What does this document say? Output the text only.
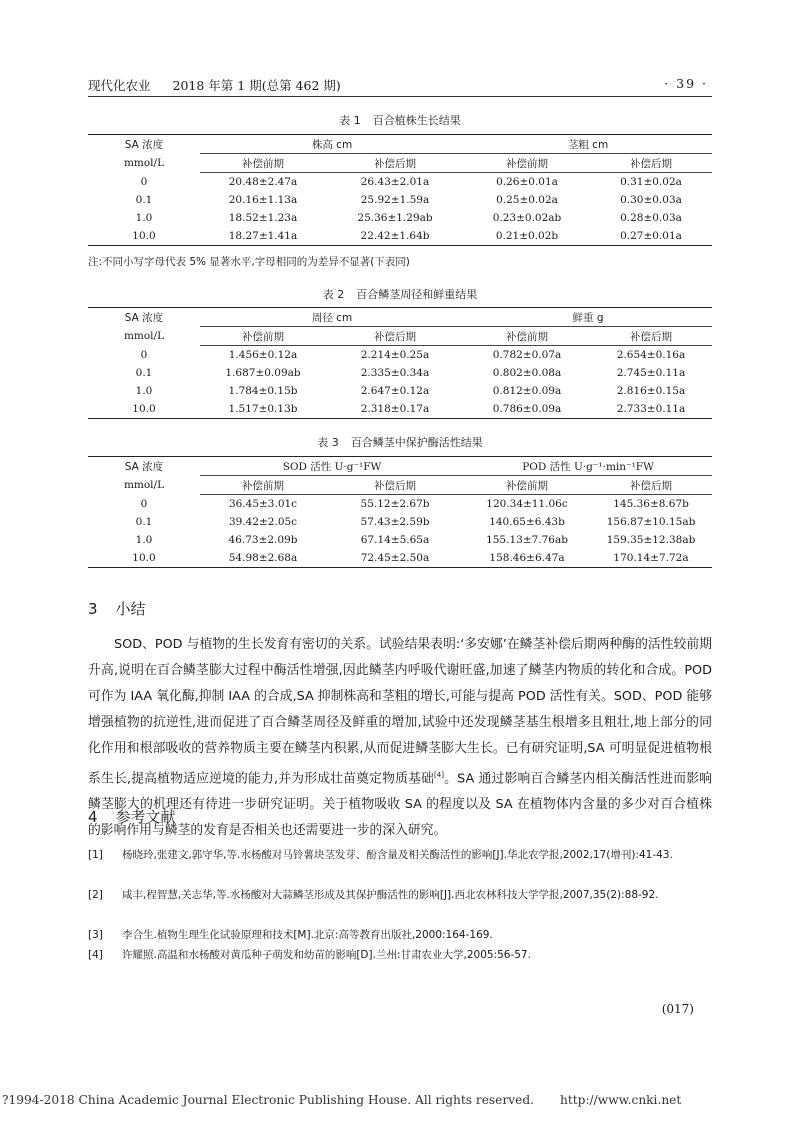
现代化农业 2018 年第 1 期(总第 462 期)	· 39 ·
表 1 百合植株生长结果
SA 浓度	株高 cm		茎粗 cm	
mmol/L	补偿前期	补偿后期	补偿前期	补偿后期
0	20.48±2.47a	26.43±2.01a	0.26±0.01a	0.31±0.02a
0.1	20.16±1.13a	25.92±1.59a	0.25±0.02a	0.30±0.03a
1.0	18.52±1.23a	25.36±1.29ab	0.23±0.02ab	0.28±0.03a
10.0	18.27±1.41a	22.42±1.64b	0.21±0.02b	0.27±0.01a
注:不同小写字母代表 5% 显著水平,字母相同的为差异不显著(下表同)
表 2 百合鳞茎周径和鲜重结果
SA 浓度	周径 cm		鲜重 g	
mmol/L	补偿前期	补偿后期	补偿前期	补偿后期
0	1.456±0.12a	2.214±0.25a	0.782±0.07a	2.654±0.16a
0.1	1.687±0.09ab	2.335±0.34a	0.802±0.08a	2.745±0.11a
1.0	1.784±0.15b	2.647±0.12a	0.812±0.09a	2.816±0.15a
10.0	1.517±0.13b	2.318±0.17a	0.786±0.09a	2.733±0.11a
表 3 百合鳞茎中保护酶活性结果
SA 浓度	SOD 活性 U·g⁻¹FW		POD 活性 U·g⁻¹·min⁻¹FW	
mmol/L	补偿前期	补偿后期	补偿前期	补偿后期
0	36.45±3.01c	55.12±2.67b	120.34±11.06c	145.36±8.67b
0.1	39.42±2.05c	57.43±2.59b	140.65±6.43b	156.87±10.15ab
1.0	46.73±2.09b	67.14±5.65a	155.13±7.76ab	159.35±12.38ab
10.0	54.98±2.68a	72.45±2.50a	158.46±6.47a	170.14±7.72a
3 小结

SOD、POD 与植物的生长发育有密切的关系。试验结果表明:‘多安娜’在鳞茎补偿后期两种酶的活性较前期升高,说明在百合鳞茎膨大过程中酶活性增强,因此鳞茎内呼吸代谢旺盛,加速了鳞茎内物质的转化和合成。POD 可作为 IAA 氧化酶,抑制 IAA 的合成,SA 抑制株高和茎粗的增长,可能与提高 POD 活性有关。SOD、POD 能够增强植物的抗逆性,进而促进了百合鳞茎周径及鲜重的增加,试验中还发现鳞茎基生根增多且粗壮,地上部分的同化作用和根部吸收的营养物质主要在鳞茎内积累,从而促进鳞茎膨大生长。已有研究证明,SA 可明显促进植物根系生长,提高植物适应逆境的能力,并为形成壮苗奠定物质基础[4]。SA 通过影响百合鳞茎内相关酶活性进而影响鳞茎膨大的机理还有待进一步研究证明。关于植物吸收 SA 的程度以及 SA 在植物体内含量的多少对百合植株的影响作用与鳞茎的发育是否相关也还需要进一步的深入研究。

4 参考文献
[1] 杨晓玲,张建文,郭守华,等.水杨酸对马铃薯块茎发芽、酚含量及相关酶活性的影响[J].华北农学报,2002,17(增刊):41-43.
[2] 咸丰,程智慧,关志华,等.水杨酸对大蒜鳞茎形成及其保护酶活性的影响[J].西北农林科技大学学报,2007,35(2):88-92.
[3] 李合生.植物生理生化试验原理和技术[M].北京:高等教育出版社,2000:164-169.
[4] 许耀照.高温和水杨酸对黄瓜种子萌发和幼苗的影响[D].兰州:甘肃农业大学,2005:56-57.
(017)
?1994-2018 China Academic Journal Electronic Publishing House. All rights reserved. http://www.cnki.net
